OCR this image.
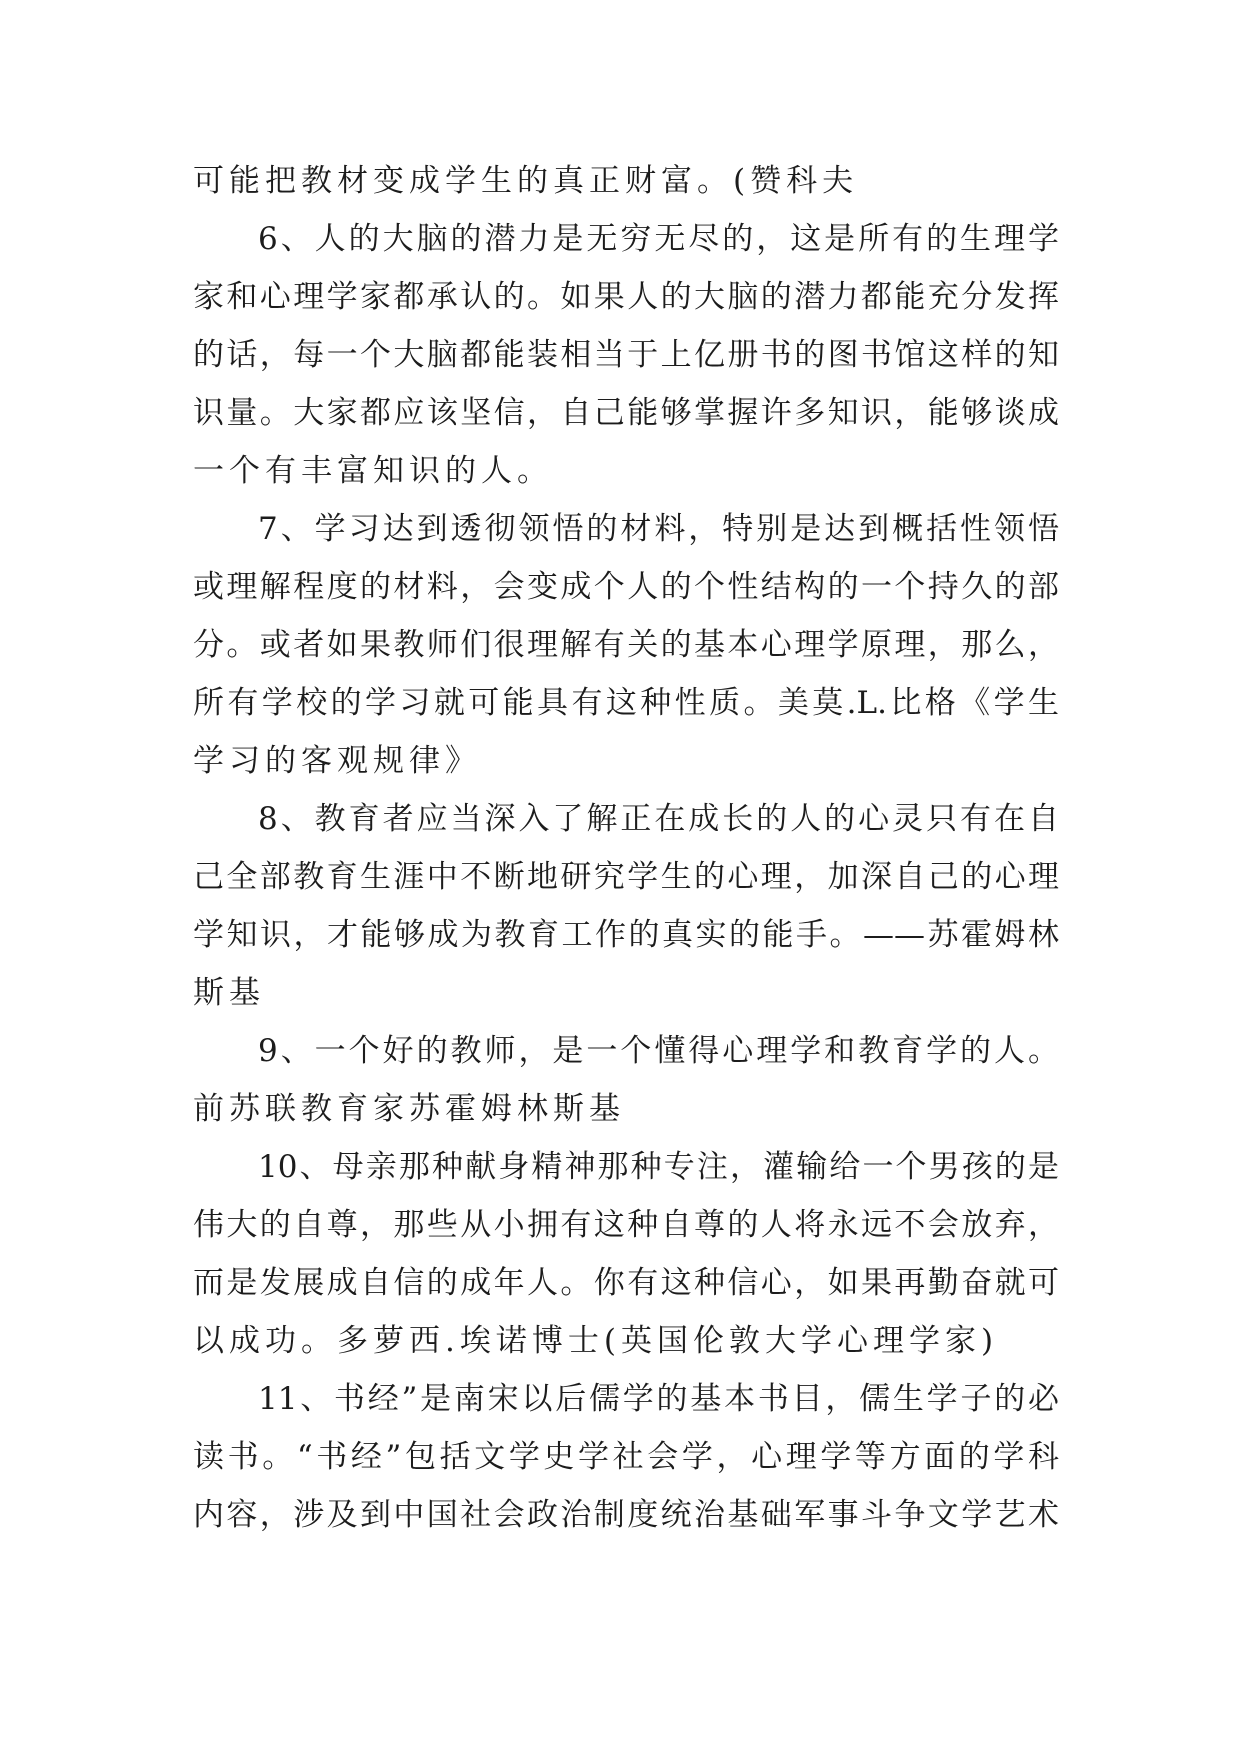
可能把教材变成学生的真正财富。(赞科夫
6、人的大脑的潜力是无穷无尽的，这是所有的生理学
家和心理学家都承认的。如果人的大脑的潜力都能充分发挥
的话，每一个大脑都能装相当于上亿册书的图书馆这样的知
识量。大家都应该坚信，自己能够掌握许多知识，能够谈成
一个有丰富知识的人。
7、学习达到透彻领悟的材料，特别是达到概括性领悟
或理解程度的材料，会变成个人的个性结构的一个持久的部
分。或者如果教师们很理解有关的基本心理学原理，那么，
所有学校的学习就可能具有这种性质。美莫.L.比格《学生
学习的客观规律》
8、教育者应当深入了解正在成长的人的心灵只有在自
己全部教育生涯中不断地研究学生的心理，加深自己的心理
学知识，才能够成为教育工作的真实的能手。——苏霍姆林
斯基
9、一个好的教师，是一个懂得心理学和教育学的人。
前苏联教育家苏霍姆林斯基
10、母亲那种献身精神那种专注，灌输给一个男孩的是
伟大的自尊，那些从小拥有这种自尊的人将永远不会放弃，
而是发展成自信的成年人。你有这种信心，如果再勤奋就可
以成功。多萝西.埃诺博士(英国伦敦大学心理学家)
11、书经”是南宋以后儒学的基本书目，儒生学子的必
读书。“书经”包括文学史学社会学，心理学等方面的学科
内容，涉及到中国社会政治制度统治基础军事斗争文学艺术
